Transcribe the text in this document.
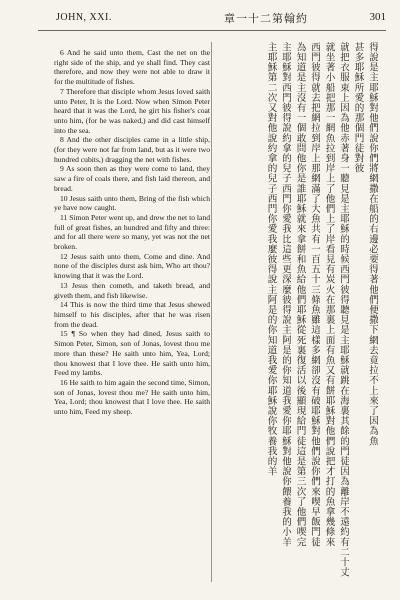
JOHN, XXI.	章一十二第翰約	301

6 And he said unto them, Cast the net on the right side of the ship, and ye shall find. They cast therefore, and now they were not able to draw it for the multitude of fishes.

7 Therefore that disciple whom Jesus loved saith unto Peter, It is the Lord. Now when Simon Peter heard that it was the Lord, he girt his fisher's coat unto him, (for he was naked,) and did cast himself into the sea.

8 And the other disciples came in a little ship, (for they were not far from land, but as it were two hundred cubits,) dragging the net with fishes.

9 As soon then as they were come to land, they saw a fire of coals there, and fish laid thereon, and bread.

10 Jesus saith unto them, Bring of the fish which ye have now caught.

11 Simon Peter went up, and drew the net to land full of great fishes, an hundred and fifty and three: and for all there were so many, yet was not the net broken.

12 Jesus saith unto them, Come and dine. And none of the disciples durst ask him, Who art thou? knowing that it was the Lord.

13 Jesus then cometh, and taketh bread, and giveth them, and fish likewise.

14 This is now the third time that Jesus shewed himself to his disciples, after that he was risen from the dead.

15 ¶ So when they had dined, Jesus saith to Simon Peter, Simon, son of Jonas, lovest thou me more than these? He saith unto him, Yea, Lord; thou knowest that I love thee. He saith unto him, Feed my lambs.

16 He saith to him again the second time, Simon, son of Jonas, lovest thou me? He saith unto him, Yea, Lord; thou knowest that I love thee. He saith unto him, Feed my sheep.	得說是主耶穌對他們說你們將網撒在船的右邊必要得著他們便撒下網去竟拉不上來了因為魚
甚多耶穌所愛的那個門徒對彼
就把衣服束上因為他赤著身一聽見是主耶穌的時候西門彼得聽見是主耶穌就跳在海裏其餘的門徒因為離岸不遠約有二十丈
就坐著小船把那一網魚拉到岸上了他們上了岸看見有炭火在那裏上面有魚又有餅耶穌對他們說把才打的魚拿幾條來
西門彼得就去把網拉到岸上那網滿了大魚共有一百五十三條魚雖這樣多網卻沒有破耶穌對他們說你們來喫早飯門徒
為知道是主沒有一個敢問他你是誰耶穌就來拿餅和魚給他們耶穌從死裏復活以後顯現給門徒這是第三次了他們喫完
主耶穌對西門彼得說約拿的兒子西門你愛我比這些更深麼彼得說主阿是的你知道我愛你耶穌對他說你餵養我的小羊
主耶穌第二次又對他說約拿的兒子西門你愛我麼彼得說主阿是的你知道我愛你耶穌說你牧養我的羊
